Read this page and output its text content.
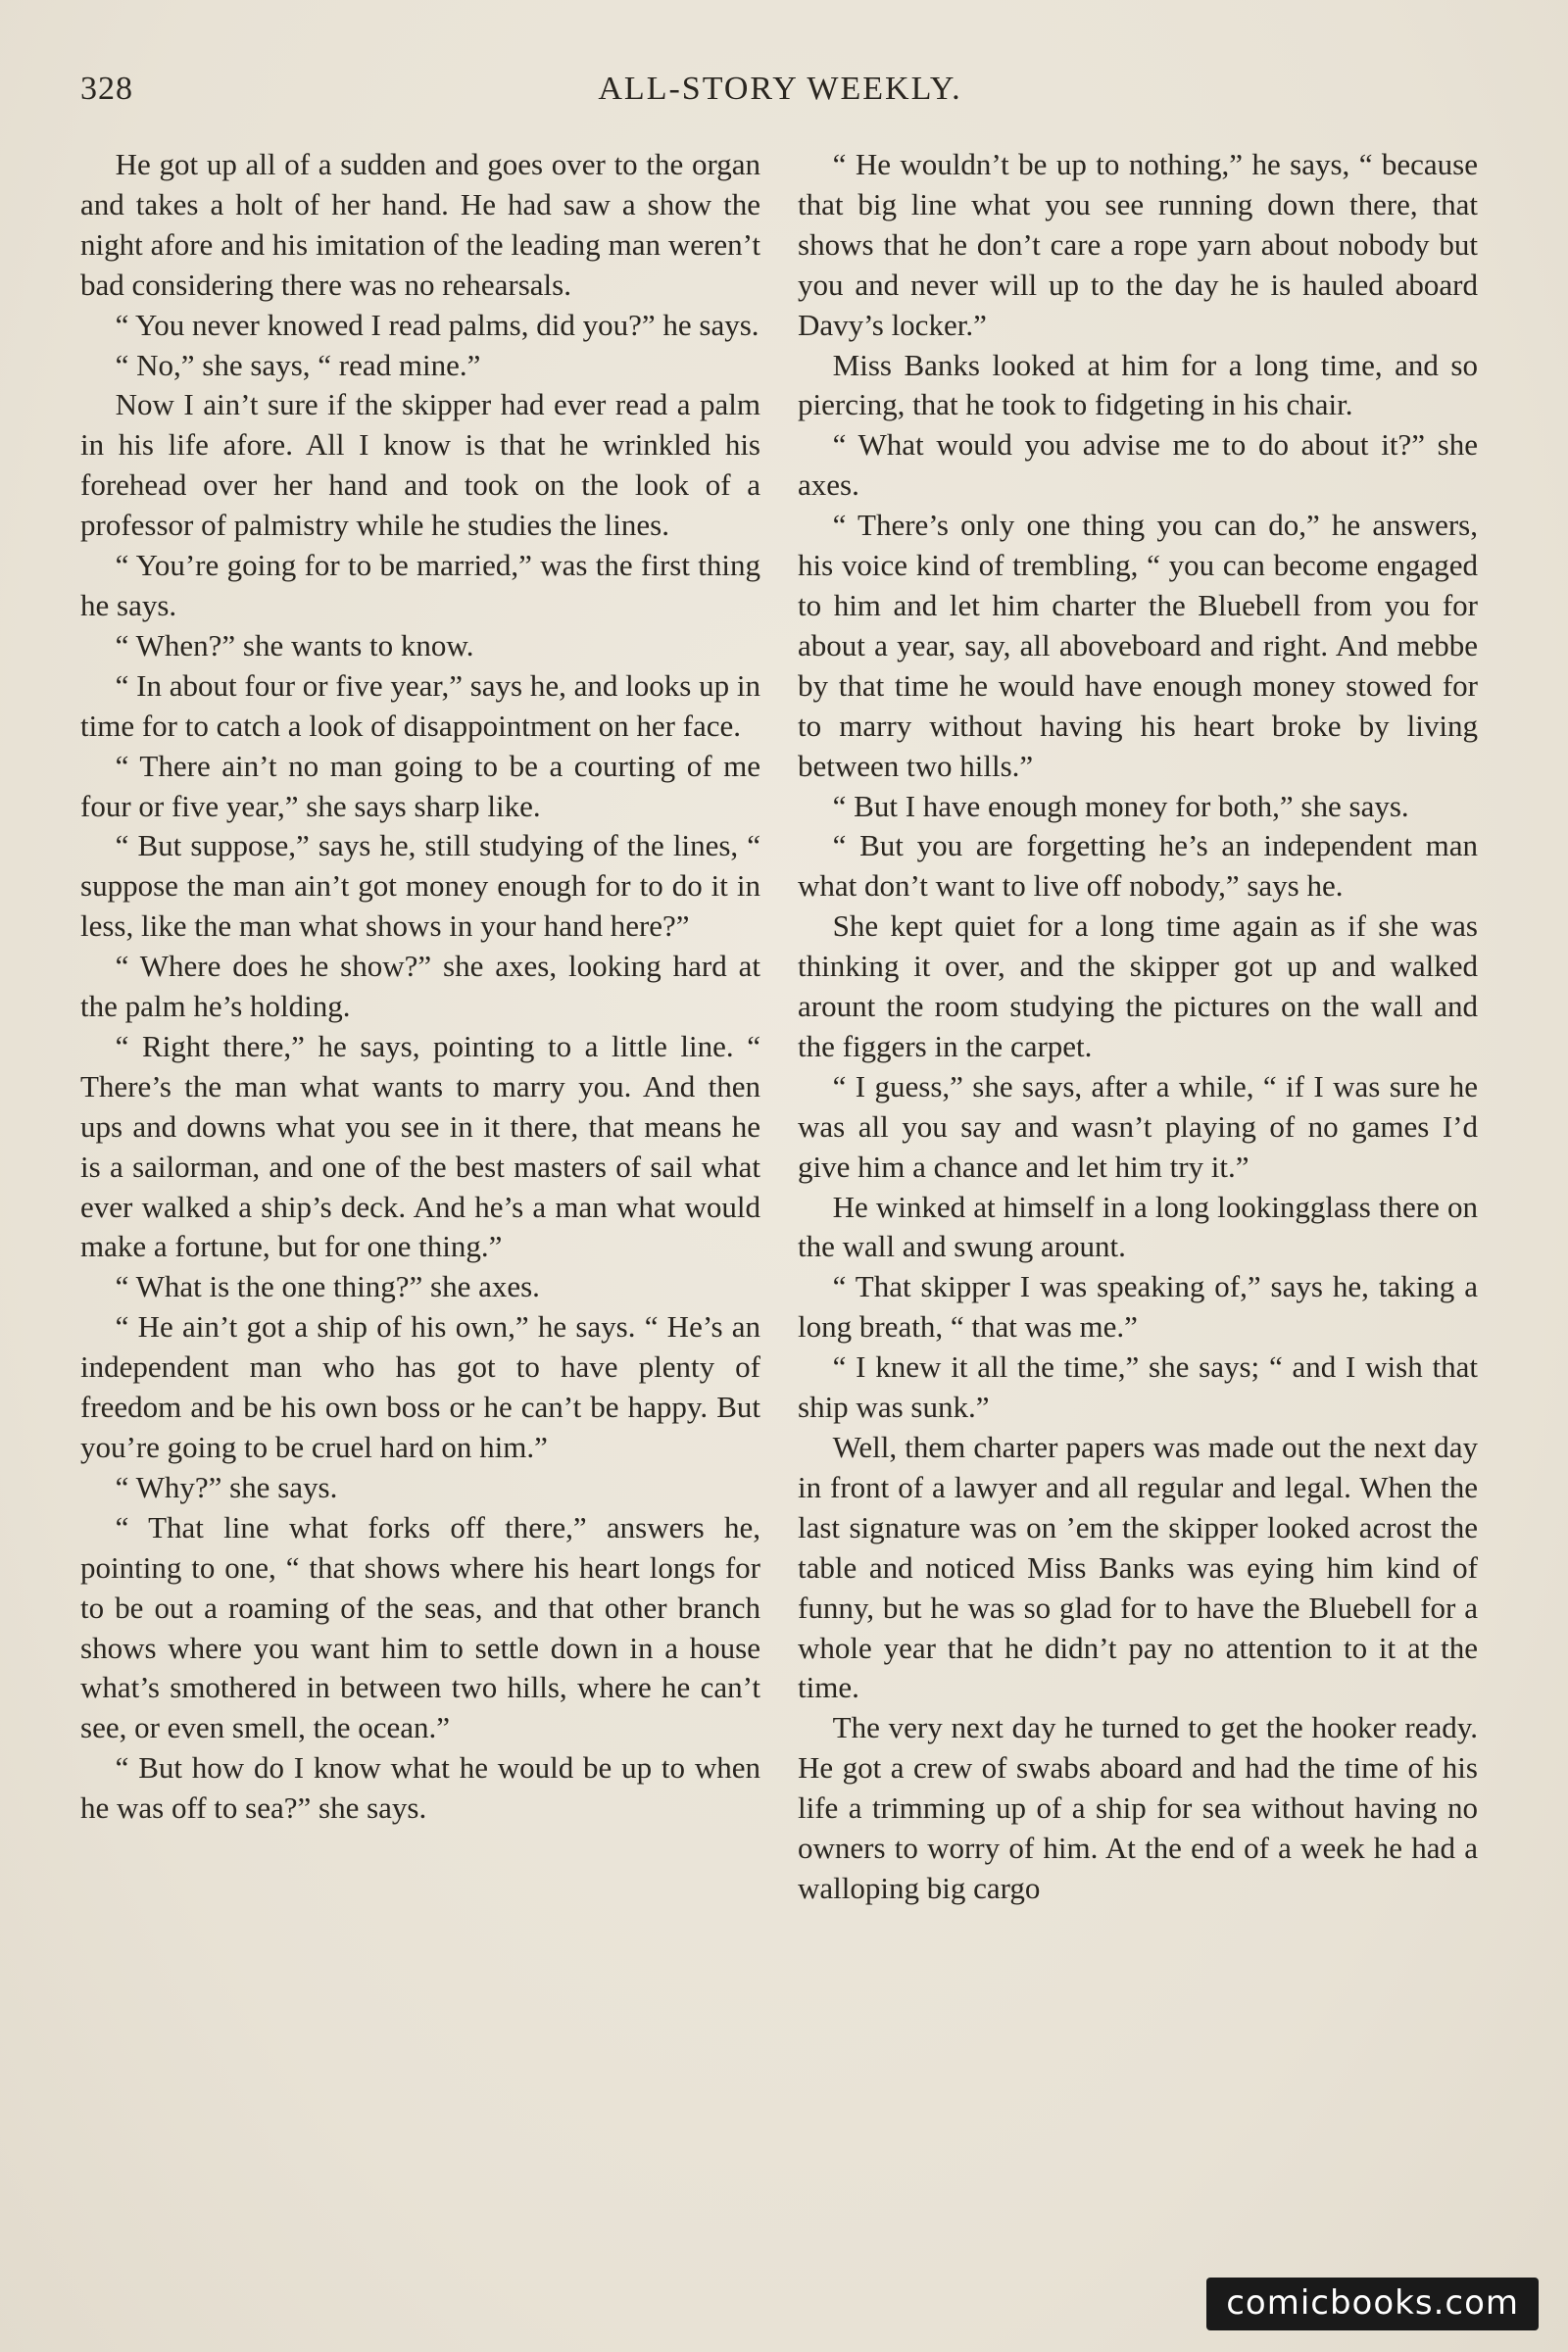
328	ALL-STORY WEEKLY.

He got up all of a sudden and goes over to the organ and takes a holt of her hand. He had saw a show the night afore and his imitation of the leading man weren’t bad considering there was no rehearsals.

“ You never knowed I read palms, did you?” he says.

“ No,” she says, “ read mine.”

Now I ain’t sure if the skipper had ever read a palm in his life afore. All I know is that he wrinkled his forehead over her hand and took on the look of a professor of palmistry while he studies the lines.

“ You’re going for to be married,” was the first thing he says.

“ When?” she wants to know.

“ In about four or five year,” says he, and looks up in time for to catch a look of disappointment on her face.

“ There ain’t no man going to be a courting of me four or five year,” she says sharp like.

“ But suppose,” says he, still studying of the lines, “ suppose the man ain’t got money enough for to do it in less, like the man what shows in your hand here?”

“ Where does he show?” she axes, looking hard at the palm he’s holding.

“ Right there,” he says, pointing to a little line. “ There’s the man what wants to marry you. And then ups and downs what you see in it there, that means he is a sailorman, and one of the best masters of sail what ever walked a ship’s deck. And he’s a man what would make a fortune, but for one thing.”

“ What is the one thing?” she axes.

“ He ain’t got a ship of his own,” he says. “ He’s an independent man who has got to have plenty of freedom and be his own boss or he can’t be happy. But you’re going to be cruel hard on him.”

“ Why?” she says.

“ That line what forks off there,” answers he, pointing to one, “ that shows where his heart longs for to be out a roaming of the seas, and that other branch shows where you want him to settle down in a house what’s smothered in between two hills, where he can’t see, or even smell, the ocean.”

“ But how do I know what he would be up to when he was off to sea?” she says.

“ He wouldn’t be up to nothing,” he says, “ because that big line what you see running down there, that shows that he don’t care a rope yarn about nobody but you and never will up to the day he is hauled aboard Davy’s locker.”

Miss Banks looked at him for a long time, and so piercing, that he took to fidgeting in his chair.

“ What would you advise me to do about it?” she axes.

“ There’s only one thing you can do,” he answers, his voice kind of trembling, “ you can become engaged to him and let him charter the Bluebell from you for about a year, say, all aboveboard and right. And mebbe by that time he would have enough money stowed for to marry without having his heart broke by living between two hills.”

“ But I have enough money for both,” she says.

“ But you are forgetting he’s an independent man what don’t want to live off nobody,” says he.

She kept quiet for a long time again as if she was thinking it over, and the skipper got up and walked arount the room studying the pictures on the wall and the figgers in the carpet.

“ I guess,” she says, after a while, “ if I was sure he was all you say and wasn’t playing of no games I’d give him a chance and let him try it.”

He winked at himself in a long lookingglass there on the wall and swung arount.

“ That skipper I was speaking of,” says he, taking a long breath, “ that was me.”

“ I knew it all the time,” she says; “ and I wish that ship was sunk.”

Well, them charter papers was made out the next day in front of a lawyer and all regular and legal. When the last signature was on ’em the skipper looked acrost the table and noticed Miss Banks was eying him kind of funny, but he was so glad for to have the Bluebell for a whole year that he didn’t pay no attention to it at the time.

The very next day he turned to get the hooker ready. He got a crew of swabs aboard and had the time of his life a trimming up of a ship for sea without having no owners to worry of him. At the end of a week he had a walloping big cargo

comicbooks.com
